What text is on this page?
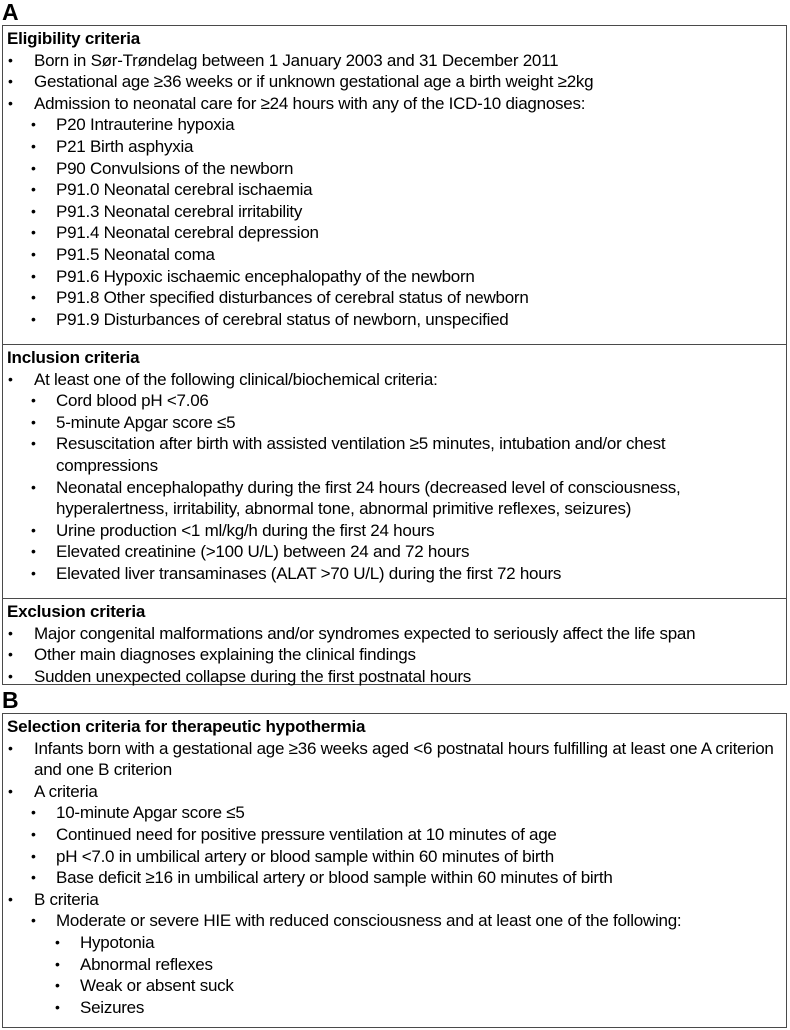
A
Eligibility criteria
• Born in Sør-Trøndelag between 1 January 2003 and 31 December 2011
• Gestational age ≥36 weeks or if unknown gestational age a birth weight ≥2kg
• Admission to neonatal care for ≥24 hours with any of the ICD-10 diagnoses:
• P20 Intrauterine hypoxia
• P21 Birth asphyxia
• P90 Convulsions of the newborn
• P91.0 Neonatal cerebral ischaemia
• P91.3 Neonatal cerebral irritability
• P91.4 Neonatal cerebral depression
• P91.5 Neonatal coma
• P91.6 Hypoxic ischaemic encephalopathy of the newborn
• P91.8 Other specified disturbances of cerebral status of newborn
• P91.9 Disturbances of cerebral status of newborn, unspecified
Inclusion criteria
• At least one of the following clinical/biochemical criteria:
• Cord blood pH <7.06
• 5-minute Apgar score ≤5
• Resuscitation after birth with assisted ventilation ≥5 minutes, intubation and/or chest compressions
• Neonatal encephalopathy during the first 24 hours (decreased level of consciousness, hyperalertness, irritability, abnormal tone, abnormal primitive reflexes, seizures)
• Urine production <1 ml/kg/h during the first 24 hours
• Elevated creatinine (>100 U/L) between 24 and 72 hours
• Elevated liver transaminases (ALAT >70 U/L) during the first 72 hours
Exclusion criteria
• Major congenital malformations and/or syndromes expected to seriously affect the life span
• Other main diagnoses explaining the clinical findings
• Sudden unexpected collapse during the first postnatal hours
B
Selection criteria for therapeutic hypothermia
• Infants born with a gestational age ≥36 weeks aged <6 postnatal hours fulfilling at least one A criterion and one B criterion
• A criteria
• 10-minute Apgar score ≤5
• Continued need for positive pressure ventilation at 10 minutes of age
• pH <7.0 in umbilical artery or blood sample within 60 minutes of birth
• Base deficit ≥16 in umbilical artery or blood sample within 60 minutes of birth
• B criteria
• Moderate or severe HIE with reduced consciousness and at least one of the following:
• Hypotonia
• Abnormal reflexes
• Weak or absent suck
• Seizures
